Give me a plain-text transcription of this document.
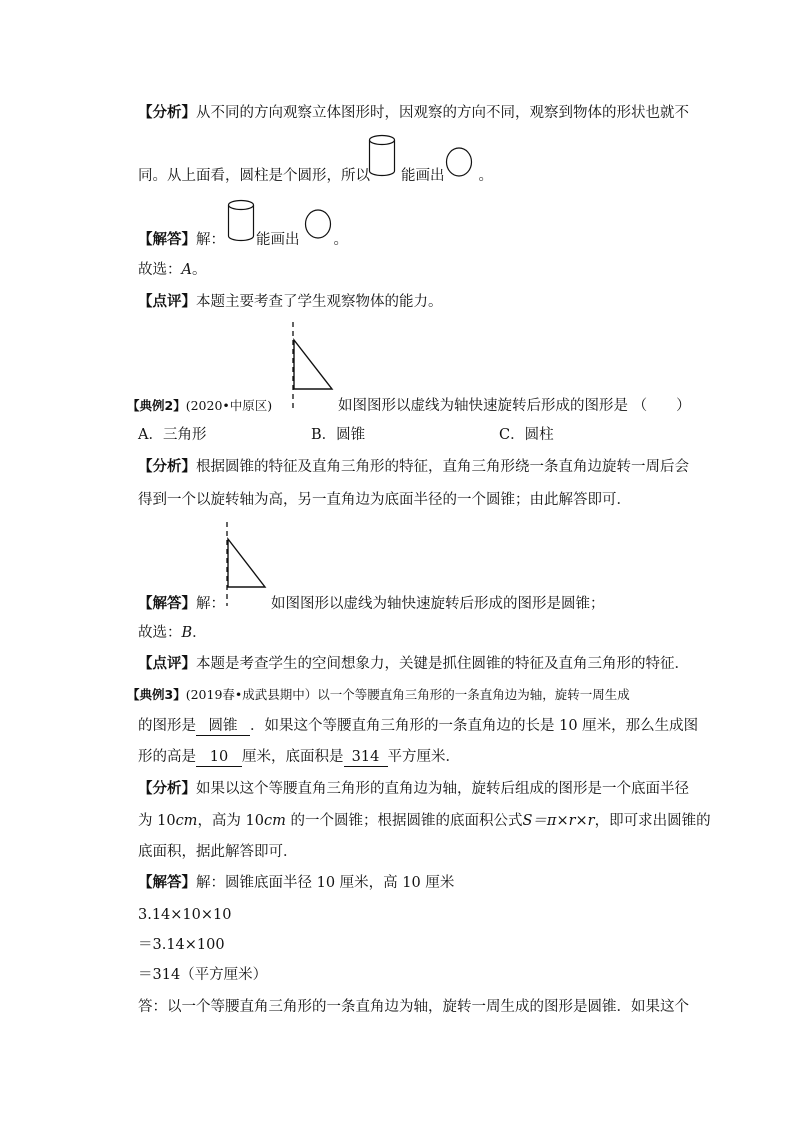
【分析】从不同的方向观察立体图形时，因观察的方向不同，观察到物体的形状也就不
同。从上面看，圆柱是个圆形，所以 能画出 。
【解答】解： 能画出 。
故选：A。
【点评】本题主要考查了学生观察物体的能力。
【典例2】(2020•中原区)	如图图形以虚线为轴快速旋转后形成的图形是 （　　）
A．三角形	B．圆锥	C．圆柱
【分析】根据圆锥的特征及直角三角形的特征，直角三角形绕一条直角边旋转一周后会
得到一个以旋转轴为高，另一直角边为底面半径的一个圆锥；由此解答即可．
【解答】解：	如图图形以虚线为轴快速旋转后形成的图形是圆锥；
故选：B．
【点评】本题是考查学生的空间想象力，关键是抓住圆锥的特征及直角三角形的特征．
【典例3】(2019春•成武县期中）以一个等腰直角三角形的一条直角边为轴，旋转一周生成
的图形是 圆锥 ．如果这个等腰直角三角形的一条直角边的长是 10 厘米，那么生成图
形的高是 10 厘米，底面积是 314 平方厘米．
【分析】如果以这个等腰直角三角形的直角边为轴，旋转后组成的图形是一个底面半径
为 10cm，高为 10cm 的一个圆锥；根据圆锥的底面积公式S＝π×r×r，即可求出圆锥的
底面积，据此解答即可．
【解答】解：圆锥底面半径 10 厘米，高 10 厘米
3.14×10×10
＝3.14×100
＝314（平方厘米）
答：以一个等腰直角三角形的一条直角边为轴，旋转一周生成的图形是圆锥．如果这个
